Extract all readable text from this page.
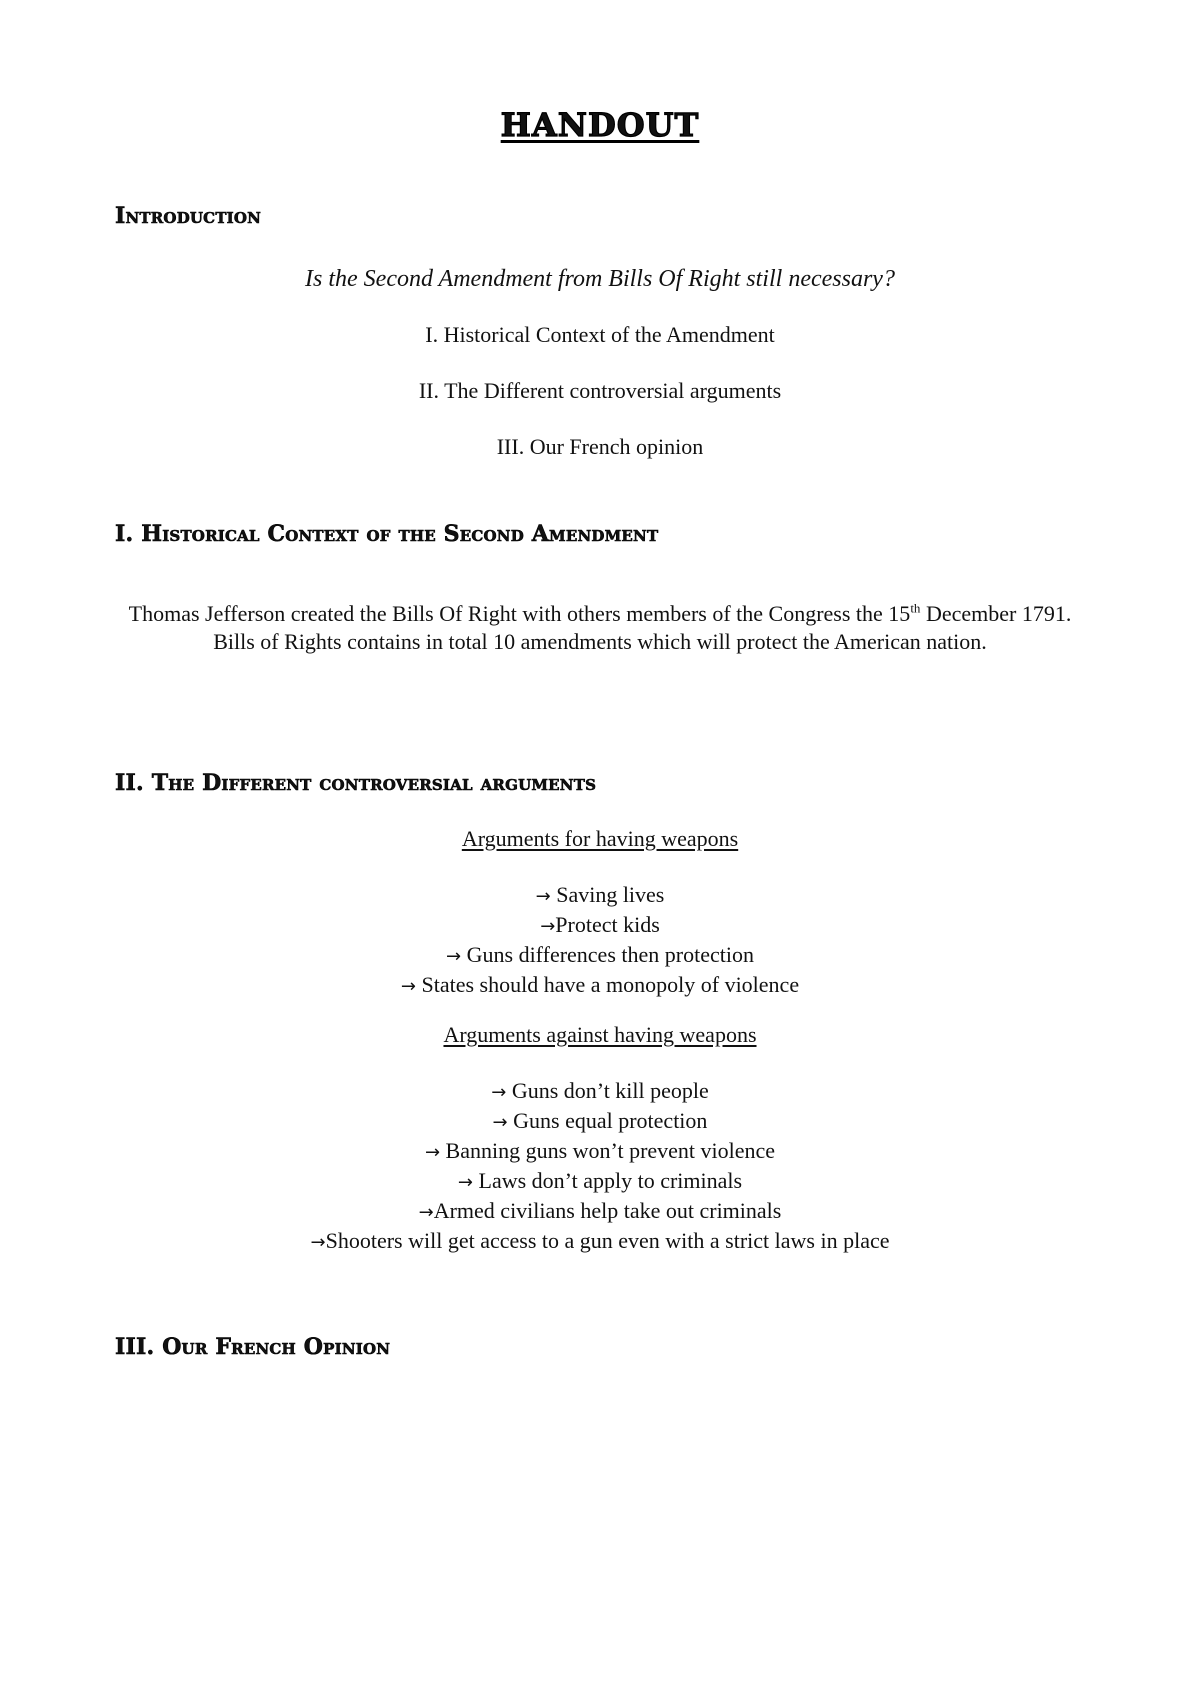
HANDOUT
Introduction

Is the Second Amendment from Bills Of Right still necessary?

I. Historical Context of the Amendment

II. The Different controversial arguments

III. Our French opinion

I. Historical Context of the Second Amendment

Thomas Jefferson created the Bills Of Right with others members of the Congress the 15th December 1791. Bills of Rights contains in total 10 amendments which will protect the American nation.

II. The Different controversial arguments

Arguments for having weapons

→ Saving lives
→Protect kids
→ Guns differences then protection
→ States should have a monopoly of violence

Arguments against having weapons

→ Guns don’t kill people
→ Guns equal protection
→ Banning guns won’t prevent violence
→ Laws don’t apply to criminals
→Armed civilians help take out criminals
→Shooters will get access to a gun even with a strict laws in place
III. Our French Opinion
